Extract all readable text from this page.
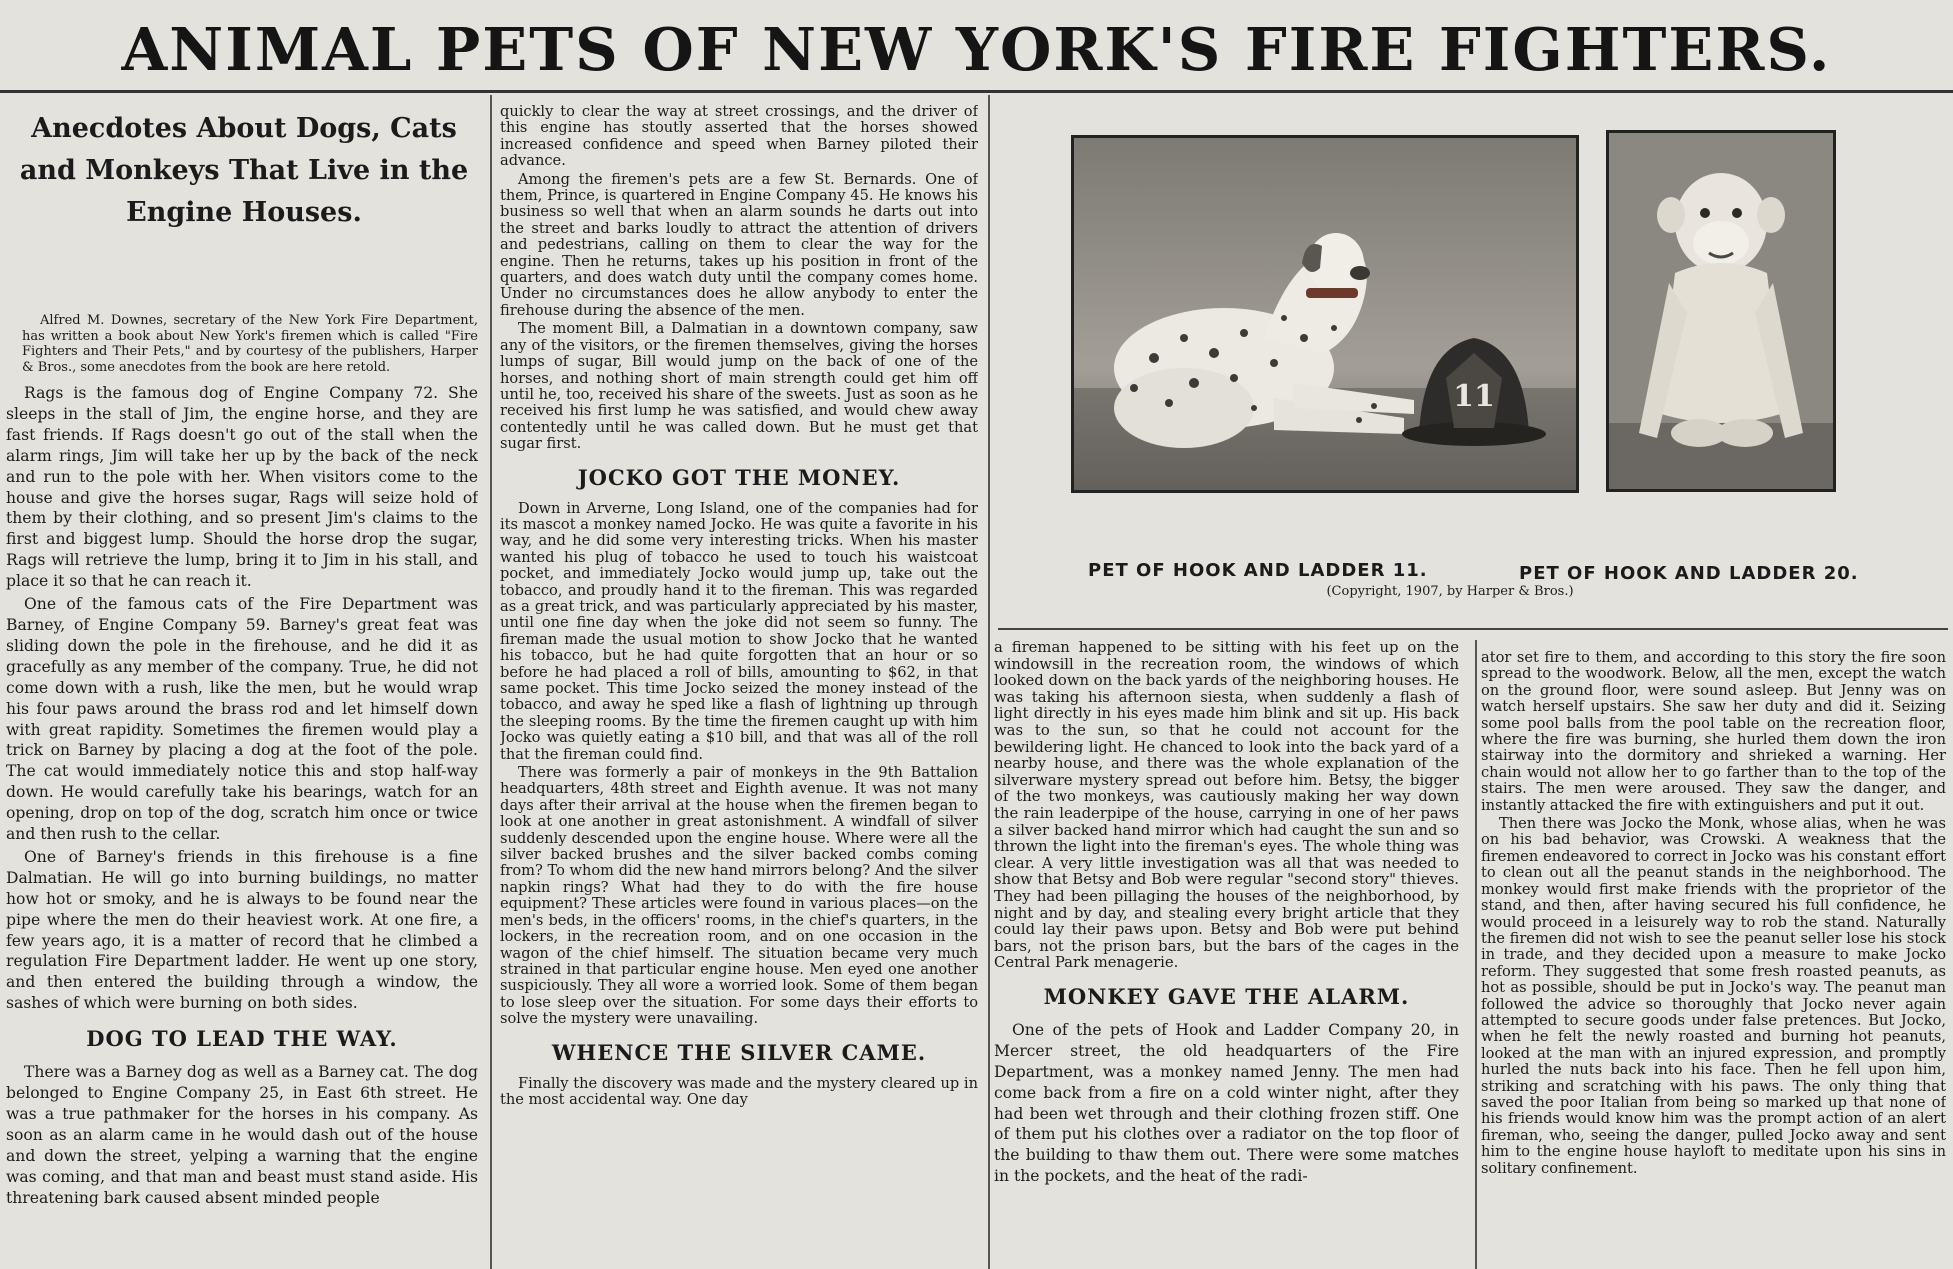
ANIMAL PETS OF NEW YORK'S FIRE FIGHTERS.
Anecdotes About Dogs, Cats and Monkeys That Live in the Engine Houses.

Alfred M. Downes, secretary of the New York Fire Department, has written a book about New York's firemen which is called "Fire Fighters and Their Pets," and by courtesy of the publishers, Harper & Bros., some anecdotes from the book are here retold.

Rags is the famous dog of Engine Company 72. She sleeps in the stall of Jim, the engine horse, and they are fast friends. If Rags doesn't go out of the stall when the alarm rings, Jim will take her up by the back of the neck and run to the pole with her. When visitors come to the house and give the horses sugar, Rags will seize hold of them by their clothing, and so present Jim's claims to the first and biggest lump. Should the horse drop the sugar, Rags will retrieve the lump, bring it to Jim in his stall, and place it so that he can reach it.

One of the famous cats of the Fire Department was Barney, of Engine Company 59. Barney's great feat was sliding down the pole in the firehouse, and he did it as gracefully as any member of the company. True, he did not come down with a rush, like the men, but he would wrap his four paws around the brass rod and let himself down with great rapidity. Sometimes the firemen would play a trick on Barney by placing a dog at the foot of the pole. The cat would immediately notice this and stop half-way down. He would carefully take his bearings, watch for an opening, drop on top of the dog, scratch him once or twice and then rush to the cellar.

One of Barney's friends in this firehouse is a fine Dalmatian. He will go into burning buildings, no matter how hot or smoky, and he is always to be found near the pipe where the men do their heaviest work. At one fire, a few years ago, it is a matter of record that he climbed a regulation Fire Department ladder. He went up one story, and then entered the building through a window, the sashes of which were burning on both sides.

DOG TO LEAD THE WAY.

There was a Barney dog as well as a Barney cat. The dog belonged to Engine Company 25, in East 6th street. He was a true pathmaker for the horses in his company. As soon as an alarm came in he would dash out of the house and down the street, yelping a warning that the engine was coming, and that man and beast must stand aside. His threatening bark caused absent minded people

quickly to clear the way at street crossings, and the driver of this engine has stoutly asserted that the horses showed increased confidence and speed when Barney piloted their advance.

Among the firemen's pets are a few St. Bernards. One of them, Prince, is quartered in Engine Company 45. He knows his business so well that when an alarm sounds he darts out into the street and barks loudly to attract the attention of drivers and pedestrians, calling on them to clear the way for the engine. Then he returns, takes up his position in front of the quarters, and does watch duty until the company comes home. Under no circumstances does he allow anybody to enter the firehouse during the absence of the men.

The moment Bill, a Dalmatian in a downtown company, saw any of the visitors, or the firemen themselves, giving the horses lumps of sugar, Bill would jump on the back of one of the horses, and nothing short of main strength could get him off until he, too, received his share of the sweets. Just as soon as he received his first lump he was satisfied, and would chew away contentedly until he was called down. But he must get that sugar first.

JOCKO GOT THE MONEY.

Down in Arverne, Long Island, one of the companies had for its mascot a monkey named Jocko. He was quite a favorite in his way, and he did some very interesting tricks. When his master wanted his plug of tobacco he used to touch his waistcoat pocket, and immediately Jocko would jump up, take out the tobacco, and proudly hand it to the fireman. This was regarded as a great trick, and was particularly appreciated by his master, until one fine day when the joke did not seem so funny. The fireman made the usual motion to show Jocko that he wanted his tobacco, but he had quite forgotten that an hour or so before he had placed a roll of bills, amounting to $62, in that same pocket. This time Jocko seized the money instead of the tobacco, and away he sped like a flash of lightning up through the sleeping rooms. By the time the firemen caught up with him Jocko was quietly eating a $10 bill, and that was all of the roll that the fireman could find.

There was formerly a pair of monkeys in the 9th Battalion headquarters, 48th street and Eighth avenue. It was not many days after their arrival at the house when the firemen began to look at one another in great astonishment. A windfall of silver suddenly descended upon the engine house. Where were all the silver backed brushes and the silver backed combs coming from? To whom did the new hand mirrors belong? And the silver napkin rings? What had they to do with the fire house equipment? These articles were found in various places—on the men's beds, in the officers' rooms, in the chief's quarters, in the lockers, in the recreation room, and on one occasion in the wagon of the chief himself. The situation became very much strained in that particular engine house. Men eyed one another suspiciously. They all wore a worried look. Some of them began to lose sleep over the situation. For some days their efforts to solve the mystery were unavailing.

WHENCE THE SILVER CAME.

Finally the discovery was made and the mystery cleared up in the most accidental way. One day

11
PET OF HOOK AND LADDER 11.	PET OF HOOK AND LADDER 20.
(Copyright, 1907, by Harper & Bros.)

a fireman happened to be sitting with his feet up on the windowsill in the recreation room, the windows of which looked down on the back yards of the neighboring houses. He was taking his afternoon siesta, when suddenly a flash of light directly in his eyes made him blink and sit up. His back was to the sun, so that he could not account for the bewildering light. He chanced to look into the back yard of a nearby house, and there was the whole explanation of the silverware mystery spread out before him. Betsy, the bigger of the two monkeys, was cautiously making her way down the rain leaderpipe of the house, carrying in one of her paws a silver backed hand mirror which had caught the sun and so thrown the light into the fireman's eyes. The whole thing was clear. A very little investigation was all that was needed to show that Betsy and Bob were regular "second story" thieves. They had been pillaging the houses of the neighborhood, by night and by day, and stealing every bright article that they could lay their paws upon. Betsy and Bob were put behind bars, not the prison bars, but the bars of the cages in the Central Park menagerie.

MONKEY GAVE THE ALARM.

One of the pets of Hook and Ladder Company 20, in Mercer street, the old headquarters of the Fire Department, was a monkey named Jenny. The men had come back from a fire on a cold winter night, after they had been wet through and their clothing frozen stiff. One of them put his clothes over a radiator on the top floor of the building to thaw them out. There were some matches in the pockets, and the heat of the radi-

ator set fire to them, and according to this story the fire soon spread to the woodwork. Below, all the men, except the watch on the ground floor, were sound asleep. But Jenny was on watch herself upstairs. She saw her duty and did it. Seizing some pool balls from the pool table on the recreation floor, where the fire was burning, she hurled them down the iron stairway into the dormitory and shrieked a warning. Her chain would not allow her to go farther than to the top of the stairs. The men were aroused. They saw the danger, and instantly attacked the fire with extinguishers and put it out.

Then there was Jocko the Monk, whose alias, when he was on his bad behavior, was Crowski. A weakness that the firemen endeavored to correct in Jocko was his constant effort to clean out all the peanut stands in the neighborhood. The monkey would first make friends with the proprietor of the stand, and then, after having secured his full confidence, he would proceed in a leisurely way to rob the stand. Naturally the firemen did not wish to see the peanut seller lose his stock in trade, and they decided upon a measure to make Jocko reform. They suggested that some fresh roasted peanuts, as hot as possible, should be put in Jocko's way. The peanut man followed the advice so thoroughly that Jocko never again attempted to secure goods under false pretences. But Jocko, when he felt the newly roasted and burning hot peanuts, looked at the man with an injured expression, and promptly hurled the nuts back into his face. Then he fell upon him, striking and scratching with his paws. The only thing that saved the poor Italian from being so marked up that none of his friends would know him was the prompt action of an alert fireman, who, seeing the danger, pulled Jocko away and sent him to the engine house hayloft to meditate upon his sins in solitary confinement.
